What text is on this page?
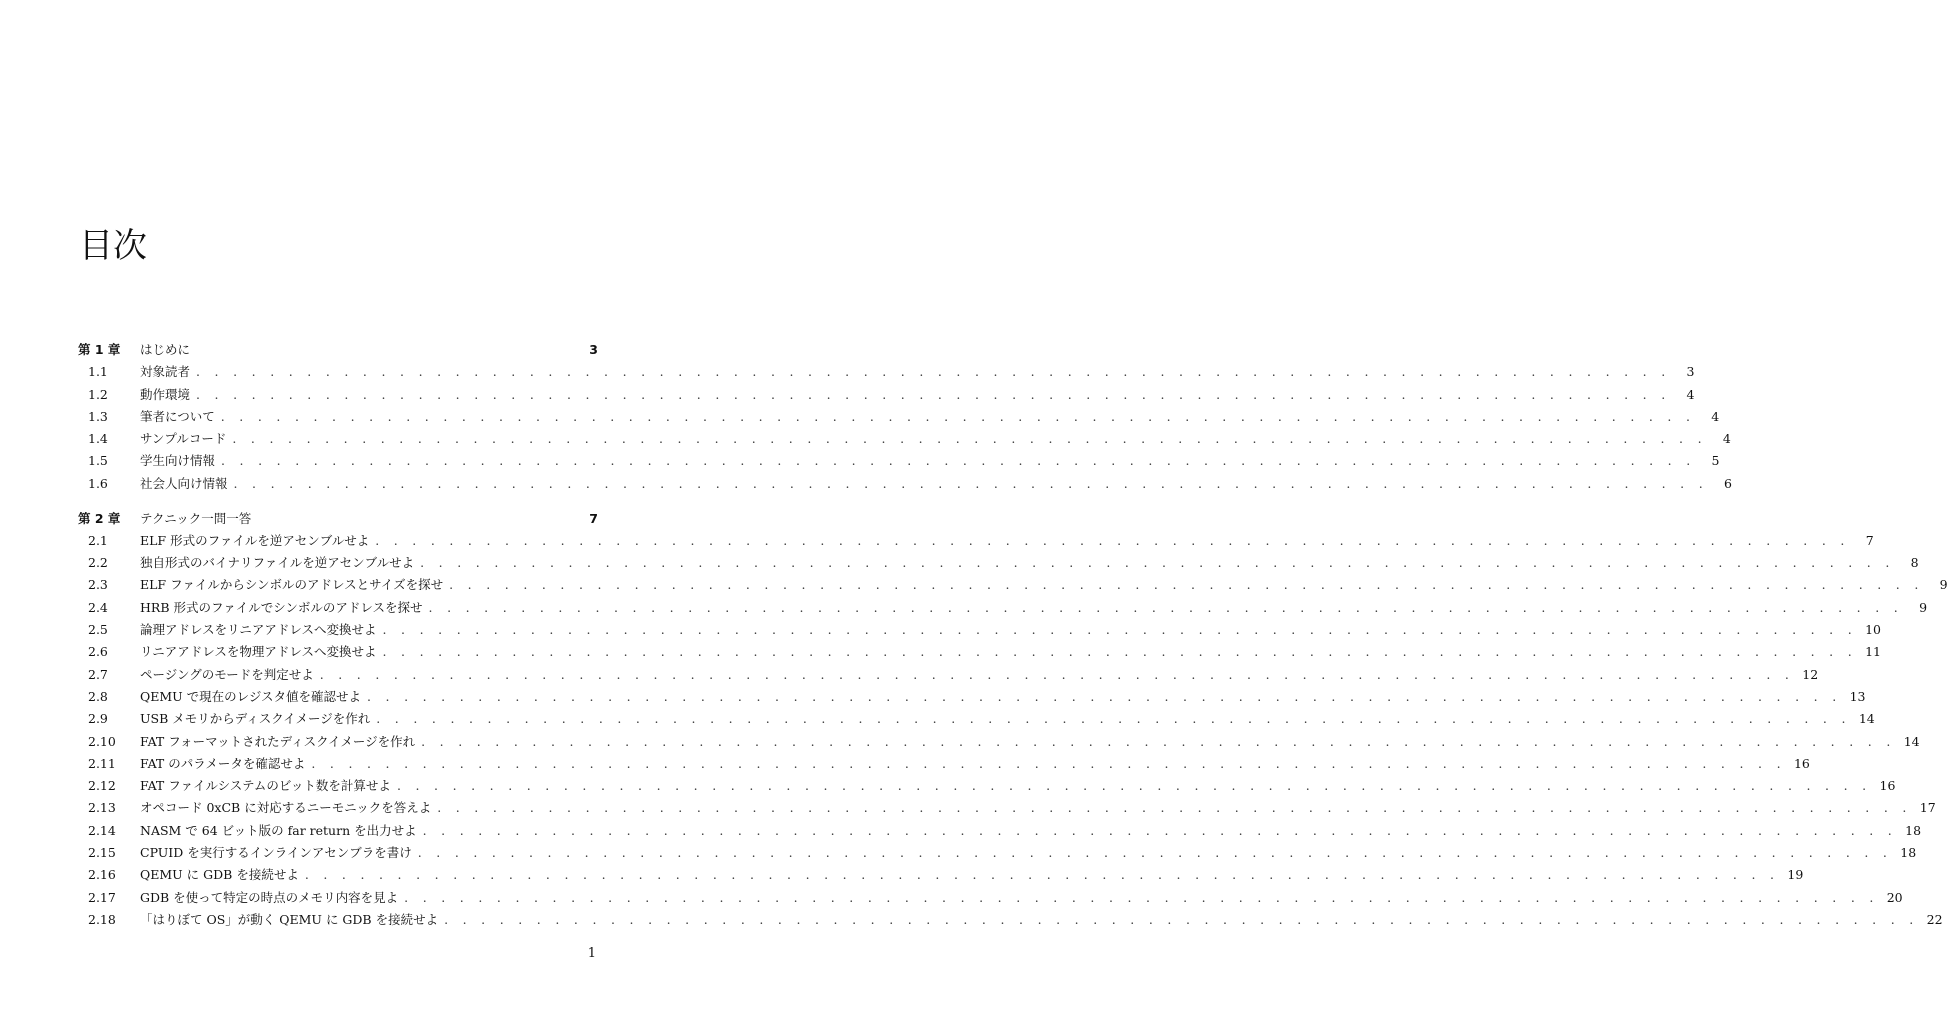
目次
第 1 章	はじめに	3
1.1	対象読者 . . . . . . . . . . . . . . . . . . . . . . . . . . . . . . . . . . . . . . . . . . . . . . . . . . . . . . . . . . . . . . . . . . . . . . . . . . . . . . . .	3
1.2	動作環境 . . . . . . . . . . . . . . . . . . . . . . . . . . . . . . . . . . . . . . . . . . . . . . . . . . . . . . . . . . . . . . . . . . . . . . . . . . . . . . . .	4
1.3	筆者について . . . . . . . . . . . . . . . . . . . . . . . . . . . . . . . . . . . . . . . . . . . . . . . . . . . . . . . . . . . . . . . . . . . . . . . . . . . . . . . .	4
1.4	サンプルコード . . . . . . . . . . . . . . . . . . . . . . . . . . . . . . . . . . . . . . . . . . . . . . . . . . . . . . . . . . . . . . . . . . . . . . . . . . . . . . . .	4
1.5	学生向け情報 . . . . . . . . . . . . . . . . . . . . . . . . . . . . . . . . . . . . . . . . . . . . . . . . . . . . . . . . . . . . . . . . . . . . . . . . . . . . . . . .	5
1.6	社会人向け情報 . . . . . . . . . . . . . . . . . . . . . . . . . . . . . . . . . . . . . . . . . . . . . . . . . . . . . . . . . . . . . . . . . . . . . . . . . . . . . . . .	6
第 2 章	テクニック一問一答	7
2.1	ELF 形式のファイルを逆アセンブルせよ . . . . . . . . . . . . . . . . . . . . . . . . . . . . . . . . . . . . . . . . . . . . . . . . . . . . . . . . . . . . . . . . . . . . . . . . . . . . . . . .	7
2.2	独自形式のバイナリファイルを逆アセンブルせよ . . . . . . . . . . . . . . . . . . . . . . . . . . . . . . . . . . . . . . . . . . . . . . . . . . . . . . . . . . . . . . . . . . . . . . . . . . . . . . . .	8
2.3	ELF ファイルからシンボルのアドレスとサイズを探せ . . . . . . . . . . . . . . . . . . . . . . . . . . . . . . . . . . . . . . . . . . . . . . . . . . . . . . . . . . . . . . . . . . . . . . . . . . . . . . . .	9
2.4	HRB 形式のファイルでシンボルのアドレスを探せ . . . . . . . . . . . . . . . . . . . . . . . . . . . . . . . . . . . . . . . . . . . . . . . . . . . . . . . . . . . . . . . . . . . . . . . . . . . . . . . .	9
2.5	論理アドレスをリニアアドレスへ変換せよ . . . . . . . . . . . . . . . . . . . . . . . . . . . . . . . . . . . . . . . . . . . . . . . . . . . . . . . . . . . . . . . . . . . . . . . . . . . . . . . . 10
2.6	リニアアドレスを物理アドレスへ変換せよ . . . . . . . . . . . . . . . . . . . . . . . . . . . . . . . . . . . . . . . . . . . . . . . . . . . . . . . . . . . . . . . . . . . . . . . . . . . . . . . . 11
2.7	ページングのモードを判定せよ . . . . . . . . . . . . . . . . . . . . . . . . . . . . . . . . . . . . . . . . . . . . . . . . . . . . . . . . . . . . . . . . . . . . . . . . . . . . . . . . 12
2.8	QEMU で現在のレジスタ値を確認せよ . . . . . . . . . . . . . . . . . . . . . . . . . . . . . . . . . . . . . . . . . . . . . . . . . . . . . . . . . . . . . . . . . . . . . . . . . . . . . . . . 13
2.9	USB メモリからディスクイメージを作れ . . . . . . . . . . . . . . . . . . . . . . . . . . . . . . . . . . . . . . . . . . . . . . . . . . . . . . . . . . . . . . . . . . . . . . . . . . . . . . . . 14
2.10	FAT フォーマットされたディスクイメージを作れ . . . . . . . . . . . . . . . . . . . . . . . . . . . . . . . . . . . . . . . . . . . . . . . . . . . . . . . . . . . . . . . . . . . . . . . . . . . . . . . . 14
2.11	FAT のパラメータを確認せよ . . . . . . . . . . . . . . . . . . . . . . . . . . . . . . . . . . . . . . . . . . . . . . . . . . . . . . . . . . . . . . . . . . . . . . . . . . . . . . . . 16
2.12	FAT ファイルシステムのビット数を計算せよ . . . . . . . . . . . . . . . . . . . . . . . . . . . . . . . . . . . . . . . . . . . . . . . . . . . . . . . . . . . . . . . . . . . . . . . . . . . . . . . . 16
2.13	オペコード 0xCB に対応するニーモニックを答えよ . . . . . . . . . . . . . . . . . . . . . . . . . . . . . . . . . . . . . . . . . . . . . . . . . . . . . . . . . . . . . . . . . . . . . . . . . . . . . . . . 17
2.14	NASM で 64 ビット版の far return を出力せよ . . . . . . . . . . . . . . . . . . . . . . . . . . . . . . . . . . . . . . . . . . . . . . . . . . . . . . . . . . . . . . . . . . . . . . . . . . . . . . . . 18
2.15	CPUID を実行するインラインアセンブラを書け . . . . . . . . . . . . . . . . . . . . . . . . . . . . . . . . . . . . . . . . . . . . . . . . . . . . . . . . . . . . . . . . . . . . . . . . . . . . . . . . 18
2.16	QEMU に GDB を接続せよ . . . . . . . . . . . . . . . . . . . . . . . . . . . . . . . . . . . . . . . . . . . . . . . . . . . . . . . . . . . . . . . . . . . . . . . . . . . . . . . . 19
2.17	GDB を使って特定の時点のメモリ内容を見よ . . . . . . . . . . . . . . . . . . . . . . . . . . . . . . . . . . . . . . . . . . . . . . . . . . . . . . . . . . . . . . . . . . . . . . . . . . . . . . . . 20
2.18	「はりぼて OS」が動く QEMU に GDB を接続せよ . . . . . . . . . . . . . . . . . . . . . . . . . . . . . . . . . . . . . . . . . . . . . . . . . . . . . . . . . . . . . . . . . . . . . . . . . . . . . . . . 22
1
